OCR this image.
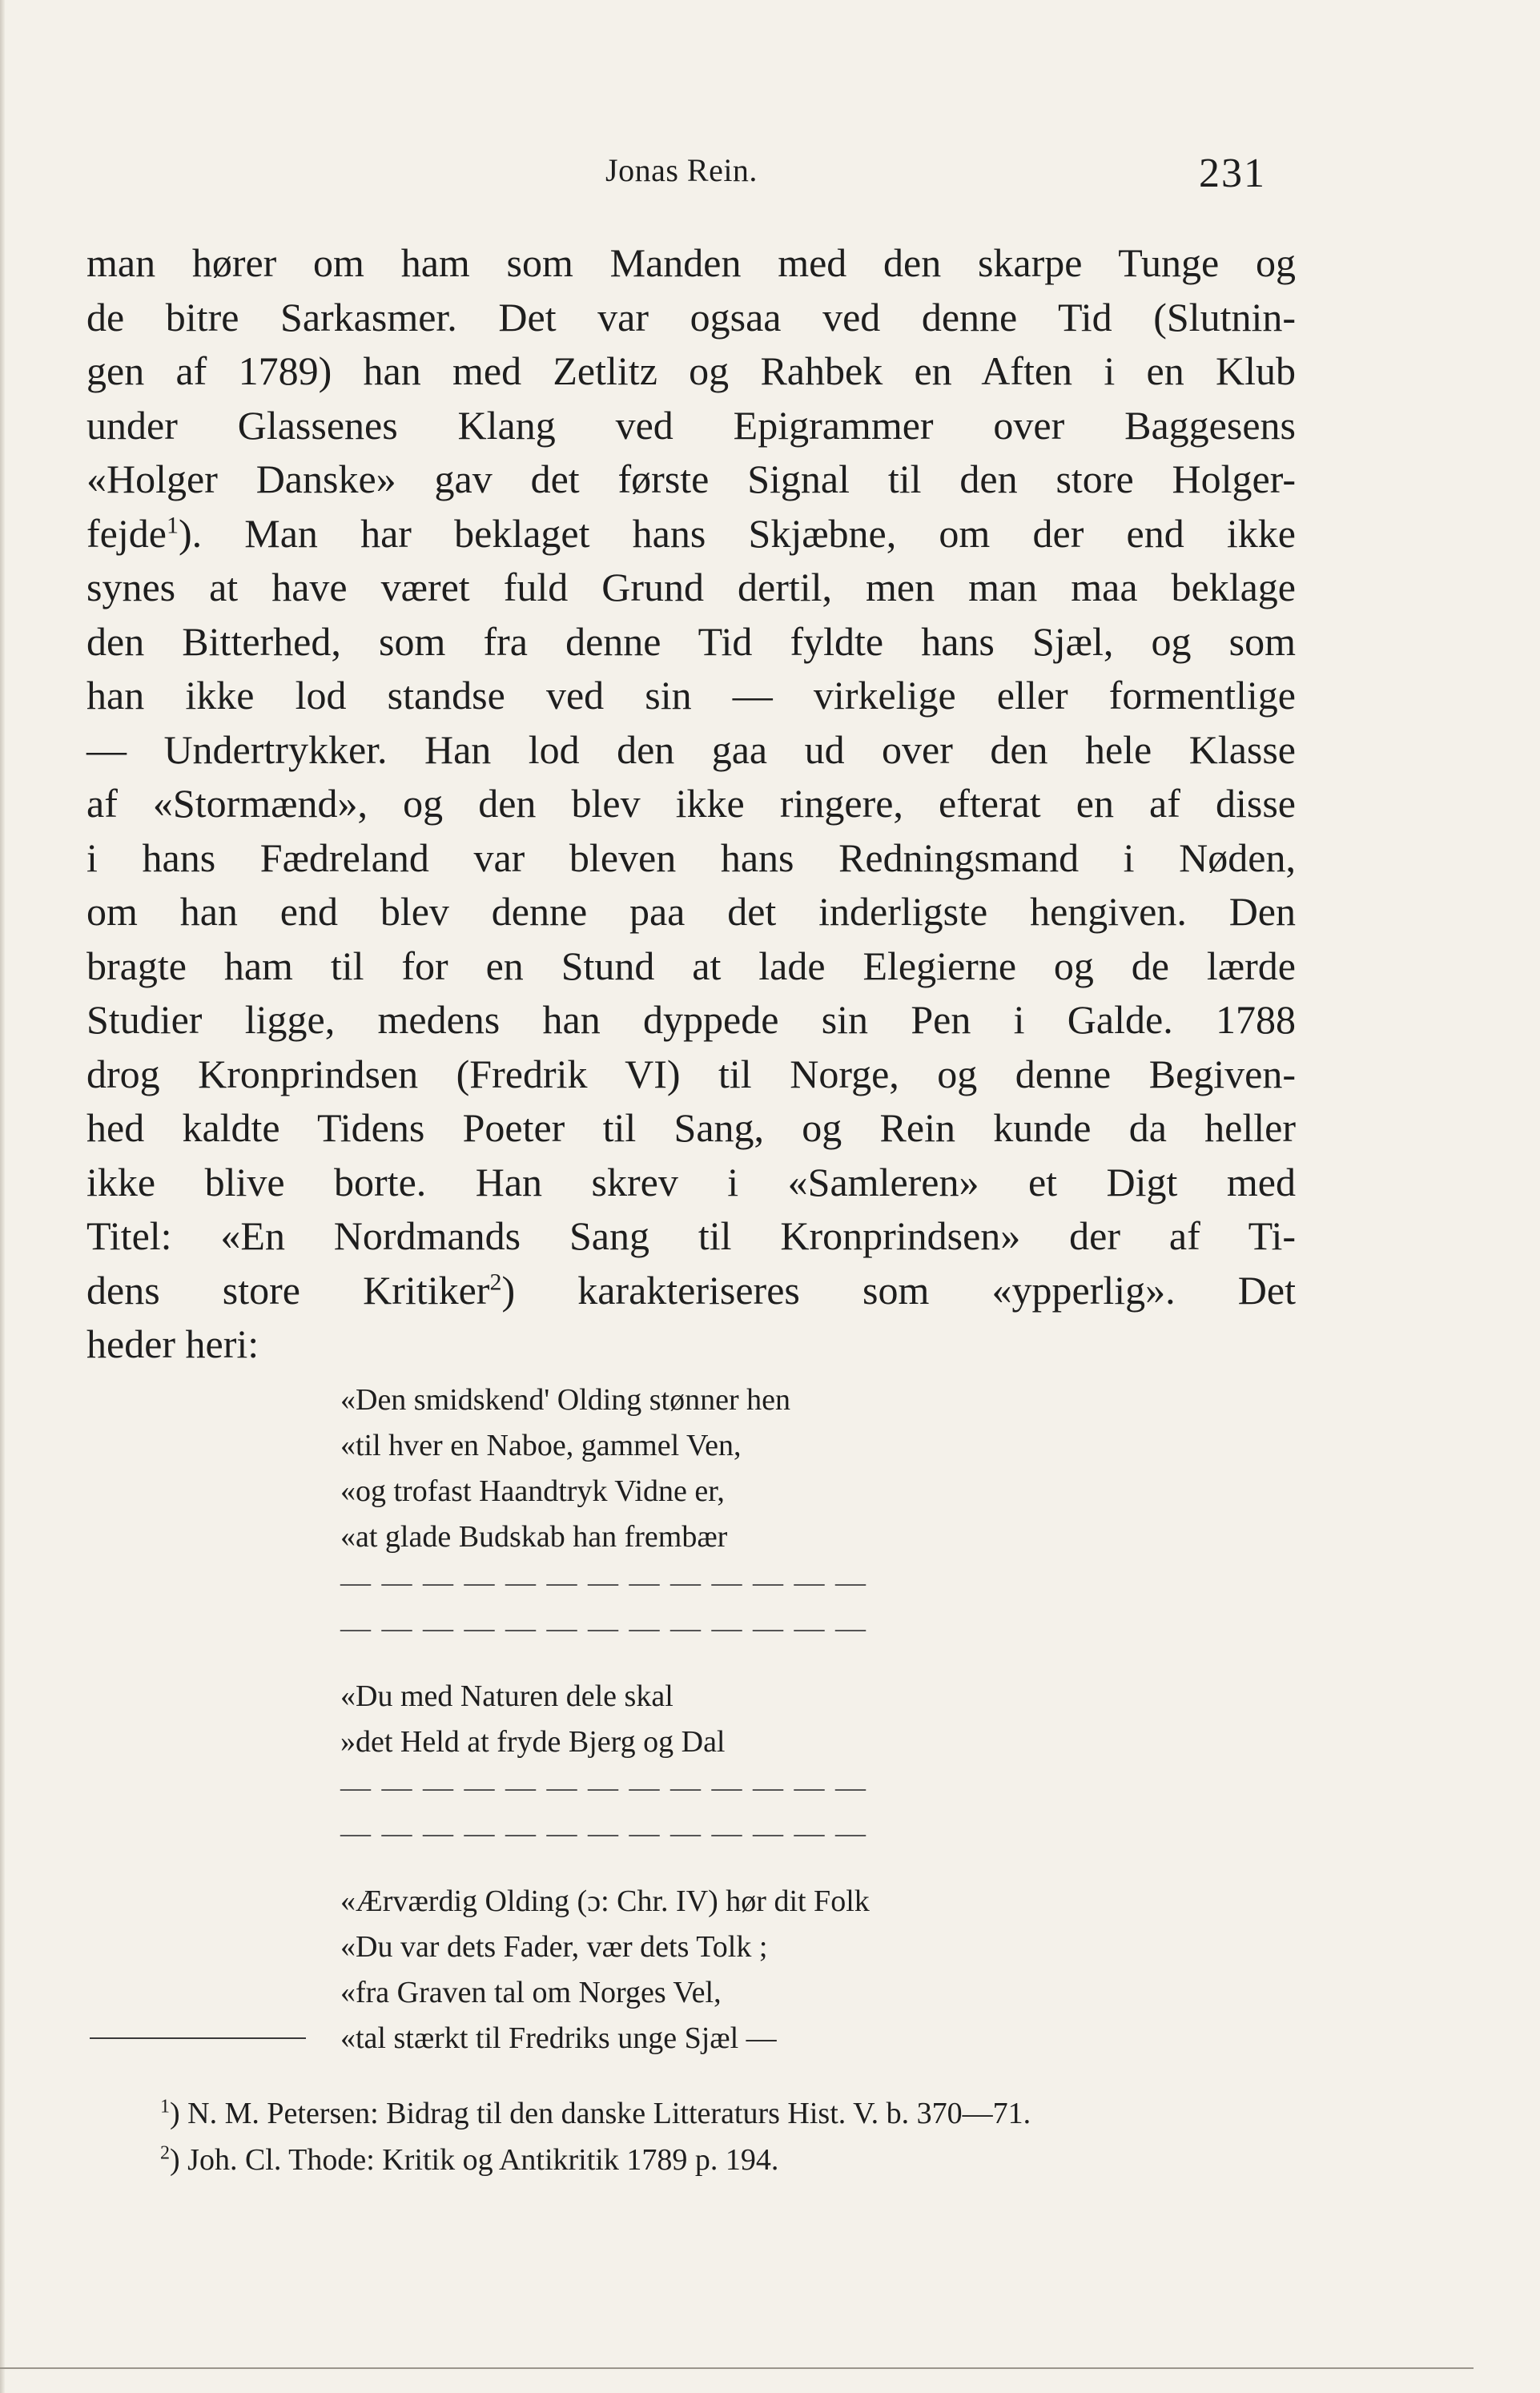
Jonas Rein.	231
man hører om ham som Manden med den skarpe Tunge og
de bitre Sarkasmer. Det var ogsaa ved denne Tid (Slutnin-
gen af 1789) han med Zetlitz og Rahbek en Aften i en Klub
under Glassenes Klang ved Epigrammer over Baggesens
«Holger Danske» gav det første Signal til den store Holger-
fejde$^1$). Man har beklaget hans Skjæbne, om der end ikke
synes at have været fuld Grund dertil, men man maa beklage
den Bitterhed, som fra denne Tid fyldte hans Sjæl, og som
han ikke lod standse ved sin — virkelige eller formentlige
— Undertrykker. Han lod den gaa ud over den hele Klasse
af «Stormænd», og den blev ikke ringere, efterat en af disse
i hans Fædreland var bleven hans Redningsmand i Nøden,
om han end blev denne paa det inderligste hengiven. Den
bragte ham til for en Stund at lade Elegierne og de lærde
Studier ligge, medens han dyppede sin Pen i Galde. 1788
drog Kronprindsen (Fredrik VI) til Norge, og denne Begiven-
hed kaldte Tidens Poeter til Sang, og Rein kunde da heller
ikke blive borte. Han skrev i «Samleren» et Digt med
Titel: «En Nordmands Sang til Kronprindsen» der af Ti-
dens store Kritiker$^2$) karakteriseres som «ypperlig». Det
heder heri:
«Den smidskend' Olding stønner hen
«til hver en Naboe, gammel Ven,
«og trofast Haandtryk Vidne er,
«at glade Budskab han frembær
— — — — — — — — — — — — —
— — — — — — — — — — — — —
«Du med Naturen dele skal
»det Held at fryde Bjerg og Dal
— — — — — — — — — — — — —
— — — — — — — — — — — — —
«Ærværdig Olding (ɔ: Chr. IV) hør dit Folk
«Du var dets Fader, vær dets Tolk ;
«fra Graven tal om Norges Vel,
«tal stærkt til Fredriks unge Sjæl —
$^1$) N. M. Petersen: Bidrag til den danske Litteraturs Hist. V. b. 370—71.
$^2$) Joh. Cl. Thode: Kritik og Antikritik 1789 p. 194.
